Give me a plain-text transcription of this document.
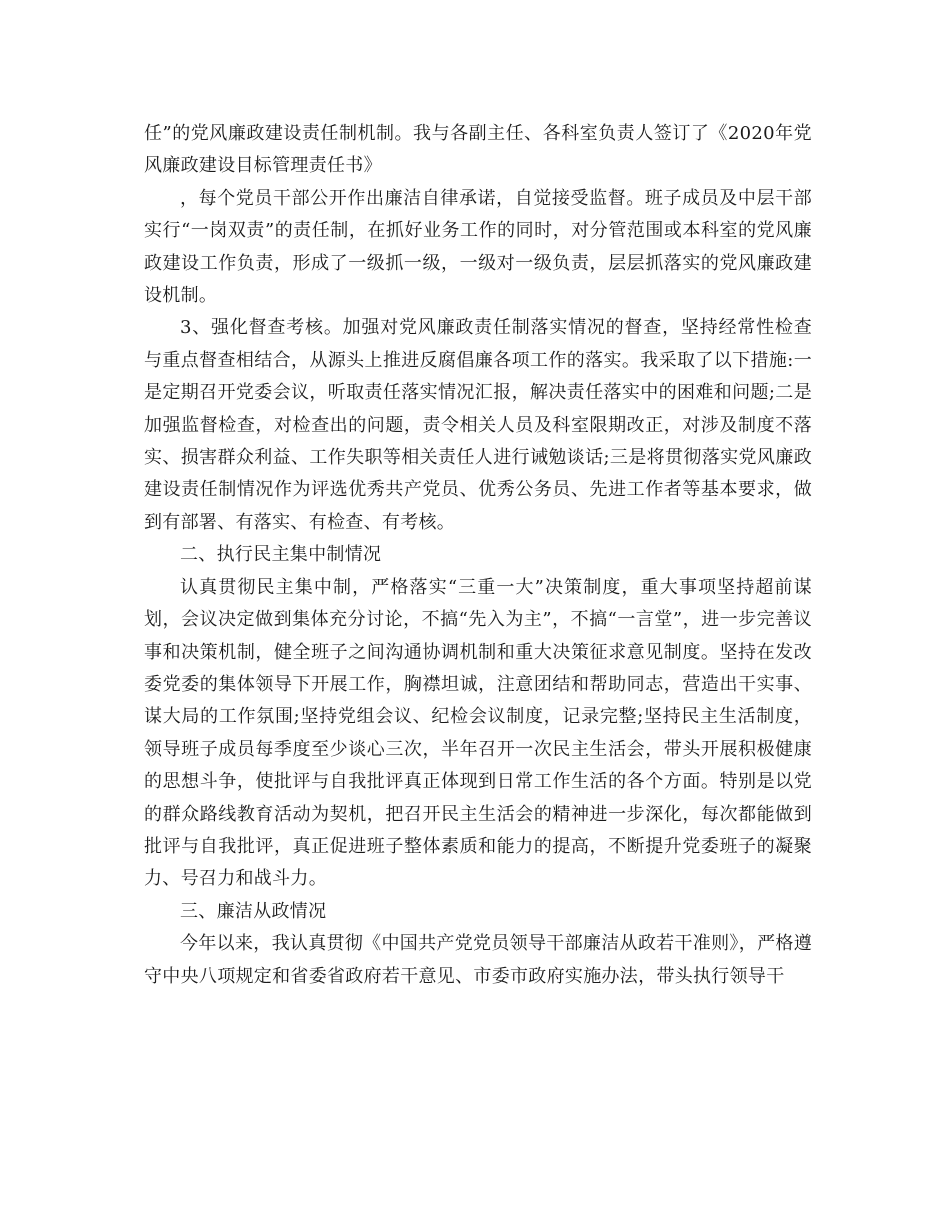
任”的党风廉政建设责任制机制。我与各副主任、各科室负责人签订了《2020年党风廉政建设目标管理责任书》

，每个党员干部公开作出廉洁自律承诺，自觉接受监督。班子成员及中层干部实行“一岗双责”的责任制，在抓好业务工作的同时，对分管范围或本科室的党风廉政建设工作负责，形成了一级抓一级，一级对一级负责，层层抓落实的党风廉政建设机制。

3、强化督查考核。加强对党风廉政责任制落实情况的督查，坚持经常性检查与重点督查相结合，从源头上推进反腐倡廉各项工作的落实。我采取了以下措施:一是定期召开党委会议，听取责任落实情况汇报，解决责任落实中的困难和问题;二是加强监督检查，对检查出的问题，责令相关人员及科室限期改正，对涉及制度不落实、损害群众利益、工作失职等相关责任人进行诫勉谈话;三是将贯彻落实党风廉政建设责任制情况作为评选优秀共产党员、优秀公务员、先进工作者等基本要求，做到有部署、有落实、有检查、有考核。

二、执行民主集中制情况

认真贯彻民主集中制，严格落实“三重一大”决策制度，重大事项坚持超前谋划，会议决定做到集体充分讨论，不搞“先入为主”，不搞“一言堂”，进一步完善议事和决策机制，健全班子之间沟通协调机制和重大决策征求意见制度。坚持在发改委党委的集体领导下开展工作，胸襟坦诚，注意团结和帮助同志，营造出干实事、谋大局的工作氛围;坚持党组会议、纪检会议制度，记录完整;坚持民主生活制度，领导班子成员每季度至少谈心三次，半年召开一次民主生活会，带头开展积极健康的思想斗争，使批评与自我批评真正体现到日常工作生活的各个方面。特别是以党的群众路线教育活动为契机，把召开民主生活会的精神进一步深化，每次都能做到批评与自我批评，真正促进班子整体素质和能力的提高，不断提升党委班子的凝聚力、号召力和战斗力。

三、廉洁从政情况

今年以来，我认真贯彻《中国共产党党员领导干部廉洁从政若干准则》，严格遵守中央八项规定和省委省政府若干意见、市委市政府实施办法，带头执行领导干
